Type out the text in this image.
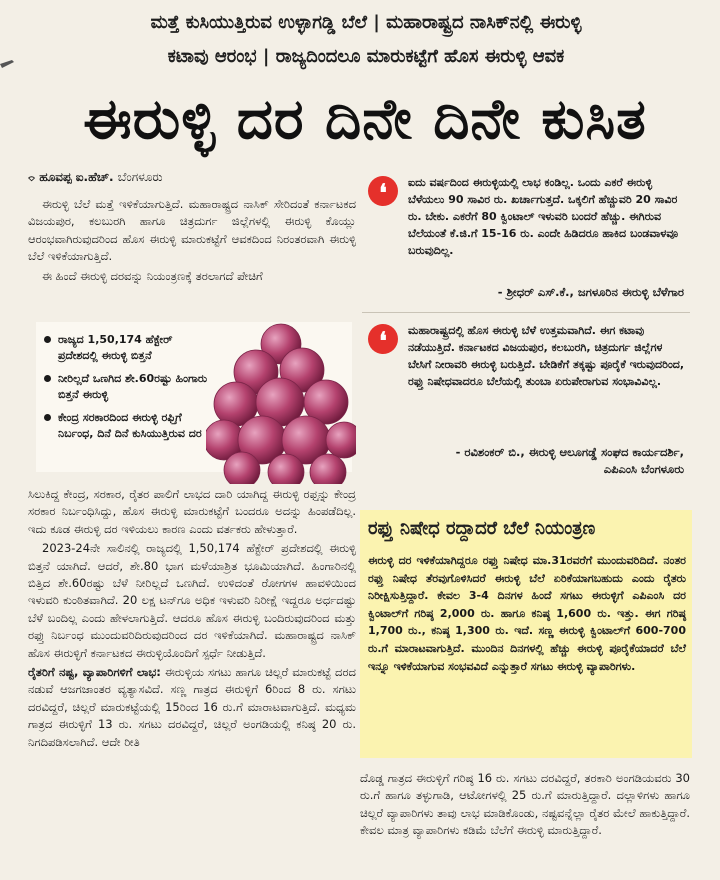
ಮತ್ತೆ ಕುಸಿಯುತ್ತಿರುವ ಉಳ್ಳಾಗಡ್ಡಿ ಬೆಲೆ | ಮಹಾರಾಷ್ಟ್ರದ ನಾಸಿಕ್‌ನಲ್ಲಿ ಈರುಳ್ಳಿ
ಕಟಾವು ಆರಂಭ | ರಾಜ್ಯದಿಂದಲೂ ಮಾರುಕಟ್ಟೆಗೆ ಹೊಸ ಈರುಳ್ಳಿ ಆವಕ
ಈರುಳ್ಳಿ ದರ ದಿನೇ ದಿನೇ ಕುಸಿತ
⌔ ಹೂವಪ್ಪ ಐ.ಹೆಚ್. ಬೆಂಗಳೂರು

ಈರುಳ್ಳಿ ಬೆಲೆ ಮತ್ತೆ ಇಳಿಕೆಯಾಗುತ್ತಿದೆ. ಮಹಾರಾಷ್ಟ್ರದ ನಾಸಿಕ್ ಸೇರಿದಂತೆ ಕರ್ನಾಟಕದ ವಿಜಯಪುರ, ಕಲಬುರಗಿ ಹಾಗೂ ಚಿತ್ರದುರ್ಗ ಜಿಲ್ಲೆಗಳಲ್ಲಿ ಈರುಳ್ಳಿ ಕೊಯ್ಲು ಆರಂಭವಾಗಿರುವುದರಿಂದ ಹೊಸ ಈರುಳ್ಳಿ ಮಾರುಕಟ್ಟೆಗೆ ಆವಕದಿಂದ ನಿರಂತರವಾಗಿ ಈರುಳ್ಳಿ ಬೆಲೆ ಇಳಿಕೆಯಾಗುತ್ತಿದೆ.

ಈ ಹಿಂದೆ ಈರುಳ್ಳಿ ದರವನ್ನು ನಿಯಂತ್ರಣಕ್ಕೆ ತರಲಾಗದೆ ಪೇಚಿಗೆ

ರಾಜ್ಯದ 1,50,174 ಹೆಕ್ಟೇರ್ ಪ್ರದೇಶದಲ್ಲಿ ಈರುಳ್ಳಿ ಬಿತ್ತನೆ
ನೀರಿಲ್ಲದೆ ಒಣಗಿದ ಶೇ.60ರಷ್ಟು ಹಿಂಗಾರು ಬಿತ್ತನೆ ಈರುಳ್ಳಿ
ಕೇಂದ್ರ ಸರಕಾರದಿಂದ ಈರುಳ್ಳಿ ರಫ್ತಿಗೆ ನಿರ್ಬಂಧ, ದಿನೆ ದಿನೆ ಕುಸಿಯುತ್ತಿರುವ ದರ

ಸಿಲುಕಿದ್ದ ಕೇಂದ್ರ, ಸರಕಾರ, ರೈತರ ಪಾಲಿಗೆ ಲಾಭದ ದಾರಿ ಯಾಗಿದ್ದ ಈರುಳ್ಳಿ ರಫ್ತನ್ನು ಕೇಂದ್ರ ಸರಕಾರ ನಿರ್ಬಂಧಿಸಿದ್ದು, ಹೊಸ ಈರುಳ್ಳಿ ಮಾರುಕಟ್ಟೆಗೆ ಬಂದರೂ ಅದನ್ನು ಹಿಂಪಡೆದಿಲ್ಲ. ಇದು ಕೂಡ ಈರುಳ್ಳಿ ದರ ಇಳಿಯಲು ಕಾರಣ ಎಂದು ವರ್ತಕರು ಹೇಳುತ್ತಾರೆ.

2023-24ನೇ ಸಾಲಿನಲ್ಲಿ ರಾಜ್ಯದಲ್ಲಿ 1,50,174 ಹೆಕ್ಟೇರ್ ಪ್ರದೇಶದಲ್ಲಿ ಈರುಳ್ಳಿ ಬಿತ್ತನೆ ಯಾಗಿದೆ. ಆದರೆ, ಶೇ.80 ಭಾಗ ಮಳೆಯಾಶ್ರಿತ ಭೂಮಿಯಾಗಿದೆ. ಹಿಂಗಾರಿನಲ್ಲಿ ಬಿತ್ತಿದ ಶೇ.60ರಷ್ಟು ಬೆಳೆ ನೀರಿಲ್ಲದೆ ಒಣಗಿದೆ. ಉಳಿದಂತೆ ರೋಗಗಳ ಹಾವಳಿಯಿಂದ ಇಳುವರಿ ಕುಂಠಿತವಾಗಿದೆ. 20 ಲಕ್ಷ ಟನ್‌ಗೂ ಅಧಿಕ ಇಳುವರಿ ನಿರೀಕ್ಷೆ ಇದ್ದರೂ ಅರ್ಧದಷ್ಟು ಬೆಳೆ ಬಂದಿಲ್ಲ ಎಂದು ಹೇಳಲಾಗುತ್ತಿದೆ. ಆದರೂ ಹೊಸ ಈರುಳ್ಳಿ ಬಂದಿರುವುದರಿಂದ ಮತ್ತು ರಫ್ತು ನಿರ್ಬಂಧ ಮುಂದುವರಿದಿರುವುದರಿಂದ ದರ ಇಳಿಕೆಯಾಗಿದೆ. ಮಹಾರಾಷ್ಟ್ರದ ನಾಸಿಕ್ ಹೊಸ ಈರುಳ್ಳಿಗೆ ಕರ್ನಾಟಕದ ಈರುಳ್ಳಿಯೊಂದಿಗೆ ಸ್ಪರ್ಧೆ ನೀಡುತ್ತಿದೆ.

ರೈತರಿಗೆ ನಷ್ಟ, ವ್ಯಾಪಾರಿಗಳಿಗೆ ಲಾಭ: ಈರುಳ್ಳಿಯ ಸಗಟು ಹಾಗೂ ಚಿಲ್ಲರೆ ಮಾರುಕಟ್ಟೆ ದರದ ನಡುವೆ ಆಜಗಜಾಂತರ ವ್ಯತ್ಯಾಸವಿದೆ. ಸಣ್ಣ ಗಾತ್ರದ ಈರುಳ್ಳಿಗೆ 6ರಿಂದ 8 ರು. ಸಗಟು ದರವಿದ್ದರೆ, ಚಿಲ್ಲರೆ ಮಾರುಕಟ್ಟೆಯಲ್ಲಿ 15ರಿಂದ 16 ರು.ಗೆ ಮಾರಾಟವಾಗುತ್ತಿದೆ. ಮಧ್ಯಮ ಗಾತ್ರದ ಈರುಳ್ಳಿಗೆ 13 ರು. ಸಗಟು ದರವಿದ್ದರೆ, ಚಿಲ್ಲರೆ ಅಂಗಡಿಯಲ್ಲಿ ಕನಿಷ್ಠ 20 ರು. ನಿಗದಿಪಡಿಸಲಾಗಿದೆ. ಆದೇ ರೀತಿ

❛	ಐದು ವರ್ಷದಿಂದ ಈರುಳ್ಳಿಯಲ್ಲಿ ಲಾಭ ಕಂಡಿಲ್ಲ. ಒಂದು ಎಕರೆ ಈರುಳ್ಳಿ ಬೆಳೆಯಲು 90 ಸಾವಿರ ರು. ಖರ್ಚಾಗುತ್ತದೆ. ಒಕ್ಕಲಿಗೆ ಹೆಚ್ಚುವರಿ 20 ಸಾವಿರ ರು. ಬೇಕು. ಎಕರೆಗೆ 80 ಕ್ವಿಂಟಾಲ್ ಇಳುವರಿ ಬಂದರೆ ಹೆಚ್ಚು. ಈಗಿರುವ ಬೆಲೆಯಂತೆ ಕೆ.ಜಿ.ಗೆ 15-16 ರು. ಎಂದೇ ಹಿಡಿದರೂ ಹಾಕಿದ ಬಂಡವಾಳವೂ ಬರುವುದಿಲ್ಲ.
- ಶ್ರೀಧರ್ ಎಸ್.ಕೆ., ಜಗಳೂರಿನ ಈರುಳ್ಳಿ ಬೆಳೆಗಾರ
❛	ಮಹಾರಾಷ್ಟ್ರದಲ್ಲಿ ಹೊಸ ಈರುಳ್ಳಿ ಬೆಳೆ ಉತ್ತಮವಾಗಿದೆ. ಈಗ ಕಟಾವು ನಡೆಯುತ್ತಿದೆ. ಕರ್ನಾಟಕದ ವಿಜಯಪುರ, ಕಲಬುರಗಿ, ಚಿತ್ರದುರ್ಗ ಜಿಲ್ಲೆಗಳ ಬೇಸಿಗೆ ನೀರಾವರಿ ಈರುಳ್ಳಿ ಬರುತ್ತಿದೆ. ಬೇಡಿಕೆಗೆ ತಕ್ಕಷ್ಟು ಪೂರೈಕೆ ಇರುವುದರಿಂದ, ರಫ್ತು ನಿಷೇಧವಾದರೂ ಬೆಲೆಯಲ್ಲಿ ತುಂಬಾ ಏರುಪೇರಾಗುವ ಸಂಭಾವಿವಿಲ್ಲ.
- ರವಿಶಂಕರ್ ಬಿ., ಈರುಳ್ಳಿ ಆಲೂಗಡ್ಡೆ ಸಂಘದ ಕಾರ್ಯದರ್ಶಿ, ಎಪಿಎಂಸಿ ಬೆಂಗಳೂರು
ರಫ್ತು ನಿಷೇಧ ರದ್ದಾದರೆ ಬೆಲೆ ನಿಯಂತ್ರಣ
ಈರುಳ್ಳಿ ದರ ಇಳಿಕೆಯಾಗಿದ್ದರೂ ರಫ್ತು ನಿಷೇಧ ಮಾ.31ರವರೆಗೆ ಮುಂದುವರಿದಿದೆ. ನಂತರ ರಫ್ತು ನಿಷೇಧ ತೆರವುಗೊಳಿಸಿದರೆ ಈರುಳ್ಳಿ ಬೆಲೆ ಏರಿಕೆಯಾಗಬಹುದು ಎಂದು ರೈತರು ನಿರೀಕ್ಷಿಸುತ್ತಿದ್ದಾರೆ. ಕೇವಲ 3-4 ದಿನಗಳ ಹಿಂದೆ ಸಗಟು ಈರುಳ್ಳಿಗೆ ಎಪಿಎಂಸಿ ದರ ಕ್ವಿಂಟಾಲ್‌ಗೆ ಗರಿಷ್ಠ 2,000 ರು. ಹಾಗೂ ಕನಿಷ್ಠ 1,600 ರು. ಇತ್ತು. ಈಗ ಗರಿಷ್ಠ 1,700 ರು., ಕನಿಷ್ಠ 1,300 ರು. ಇದೆ. ಸಣ್ಣ ಈರುಳ್ಳಿ ಕ್ವಿಂಟಾಲ್‌ಗೆ 600-700 ರು.ಗೆ ಮಾರಾಟವಾಗುತ್ತಿದೆ. ಮುಂದಿನ ದಿನಗಳಲ್ಲಿ ಹೆಚ್ಚು ಈರುಳ್ಳಿ ಪೂರೈಕೆಯಾದರೆ ಬೆಲೆ ಇನ್ನೂ ಇಳಿಕೆಯಾಗುವ ಸಂಭವವಿದೆ ಎನ್ನುತ್ತಾರೆ ಸಗಟು ಈರುಳ್ಳಿ ವ್ಯಾಪಾರಿಗಳು.

ದೊಡ್ಡ ಗಾತ್ರದ ಈರುಳ್ಳಿಗೆ ಗರಿಷ್ಠ 16 ರು. ಸಗಟು ದರವಿದ್ದರೆ, ತರಕಾರಿ ಅಂಗಡಿಯವರು 30 ರು.ಗೆ ಹಾಗೂ ತಳ್ಳುಗಾಡಿ, ಆಟೋಗಳಲ್ಲಿ 25 ರು.ಗೆ ಮಾರುತ್ತಿದ್ದಾರೆ. ದಲ್ಲಾಳಿಗಳು ಹಾಗೂ ಚಿಲ್ಲರೆ ವ್ಯಾಪಾರಿಗಳು ತಾವು ಲಾಭ ಮಾಡಿಕೊಂಡು, ನಷ್ಟವನ್ನೆಲ್ಲಾ ರೈತರ ಮೇಲೆ ಹಾಕುತ್ತಿದ್ದಾರೆ. ಕೇವಲ ಮಾತ್ರ ವ್ಯಾಪಾರಿಗಳು ಕಡಿಮೆ ಬೆಲೆಗೆ ಈರುಳ್ಳಿ ಮಾರುತ್ತಿದ್ದಾರೆ.
